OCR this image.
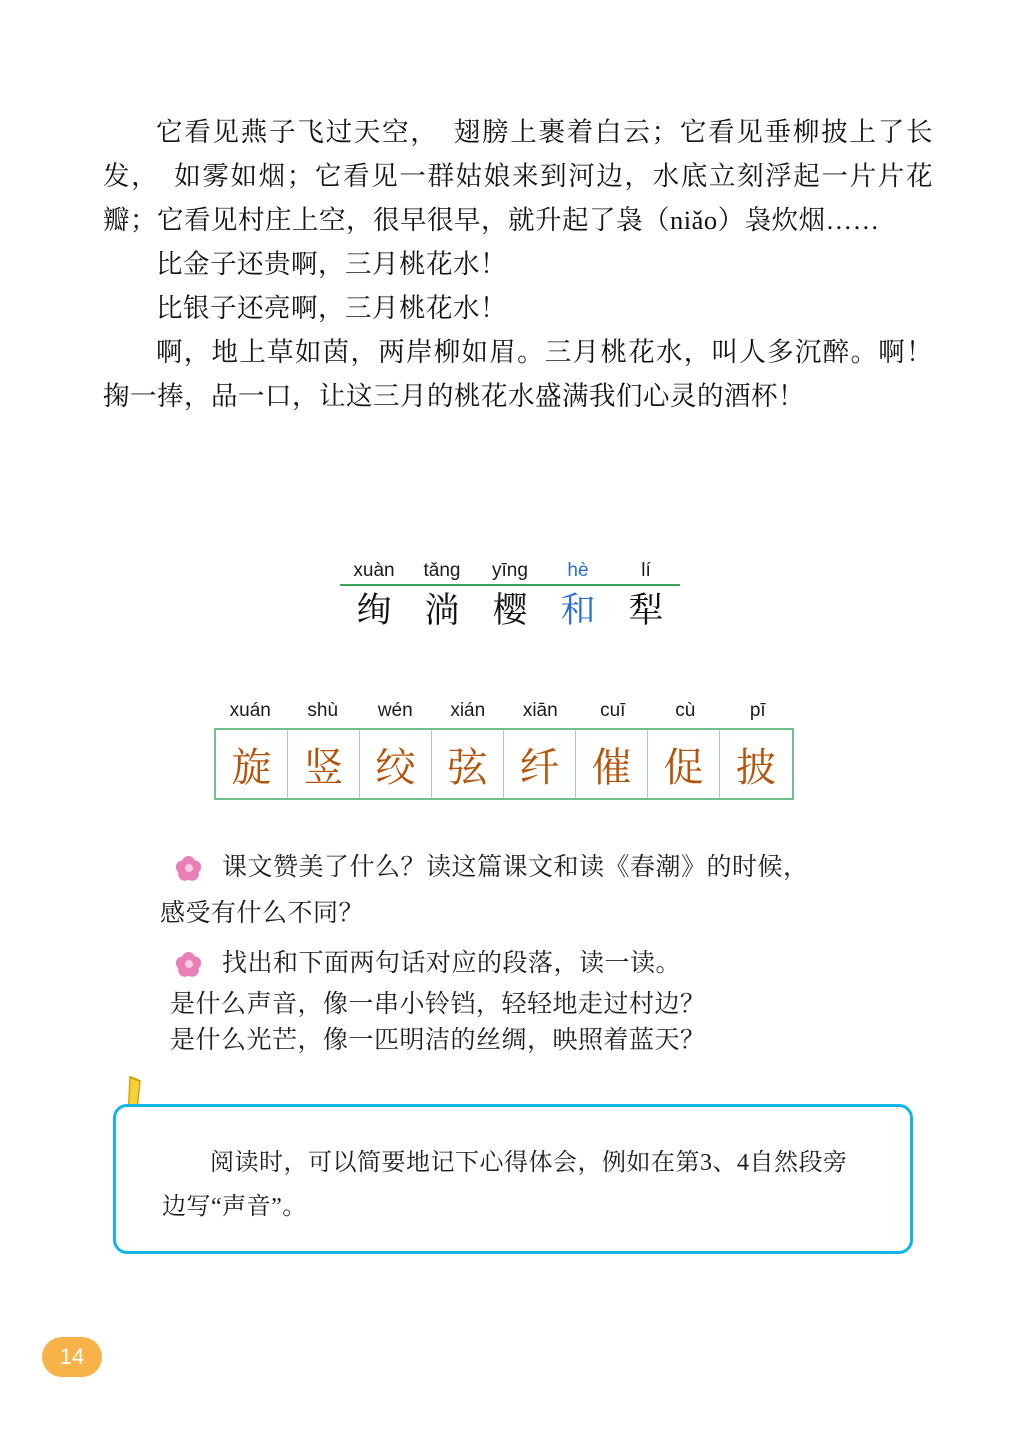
它看见燕子飞过天空，　翅膀上裹着白云；它看见垂柳披上了长发，　如雾如烟；它看见一群姑娘来到河边，水底立刻浮起一片片花瓣；它看见村庄上空，很早很早，就升起了袅（niǎo）袅炊烟……

比金子还贵啊，三月桃花水！

比银子还亮啊，三月桃花水！

啊，地上草如茵，两岸柳如眉。三月桃花水，叫人多沉醉。啊！掬一捧，品一口，让这三月的桃花水盛满我们心灵的酒杯！

xuàn	tǎng	yīng	hè	lí
绚 淌 樱 和 犁
xuán	shù	wén	xián	xiān	cuī	cù	pī
旋 竖 绞 弦 纤 催 促 披
课文赞美了什么？读这篇课文和读《春潮》的时候，
感受有什么不同？
找出和下面两句话对应的段落，读一读。
是什么声音，像一串小铃铛，轻轻地走过村边？
是什么光芒，像一匹明洁的丝绸，映照着蓝天？
阅读时，可以简要地记下心得体会，例如在第3、4自然段旁边写“声音”。
14
